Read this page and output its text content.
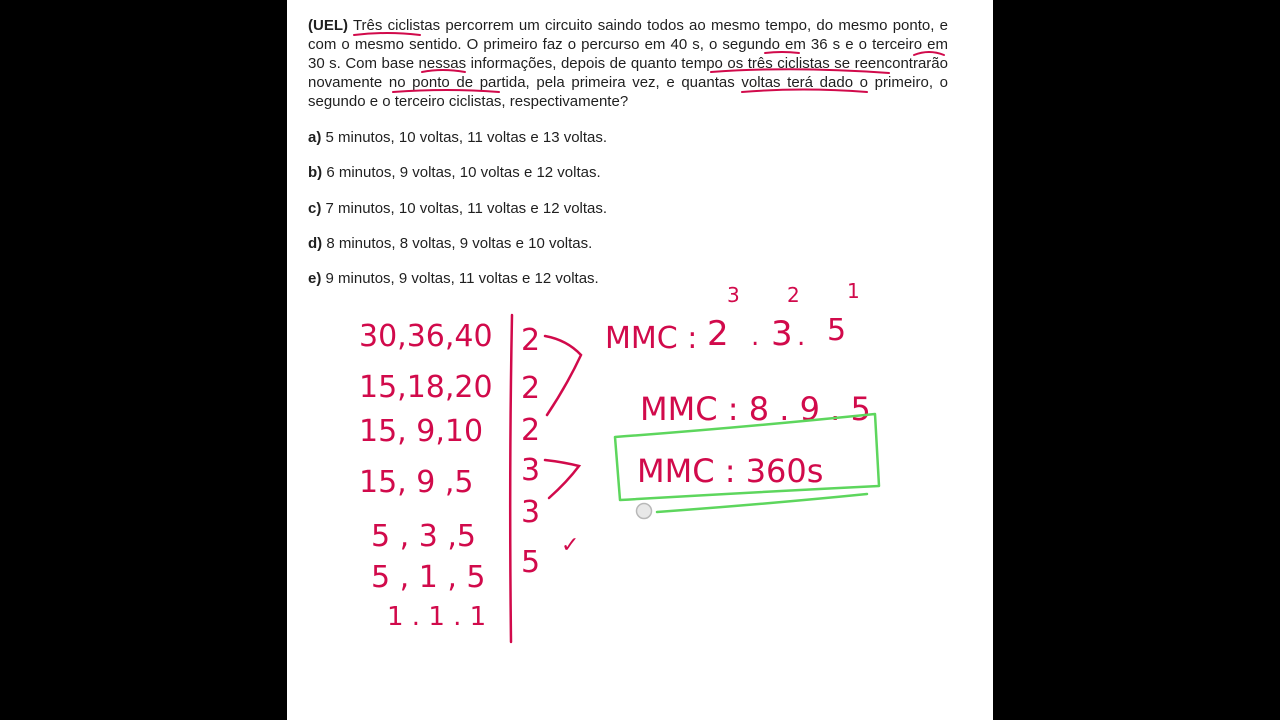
(UEL) Três ciclistas percorrem um circuito saindo todos ao mesmo tempo, do mesmo ponto, e com o mesmo sentido. O primeiro faz o percurso em 40 s, o segundo em 36 s e o terceiro em 30 s. Com base nessas informações, depois de quanto tempo os três ciclistas se reencontrarão novamente no ponto de partida, pela primeira vez, e quantas voltas terá dado o primeiro, o segundo e o terceiro ciclistas, respectivamente?
a) 5 minutos, 10 voltas, 11 voltas e 13 voltas.
b) 6 minutos, 9 voltas, 10 voltas e 12 voltas.
c) 7 minutos, 10 voltas, 11 voltas e 12 voltas.
d) 8 minutos, 8 voltas, 9 voltas e 10 voltas.
e) 9 minutos, 9 voltas, 11 voltas e 12 voltas.
30,36,40
15,18,20
15, 9,10
15, 9 ,5
5 , 3 ,5
5 , 1 , 5
1 . 1 . 1
2
2
2
3
3
5 ✓
MMC : 2
3
. 3
2
. 5
1
MMC : 8 . 9 . 5
MMC : 360s
